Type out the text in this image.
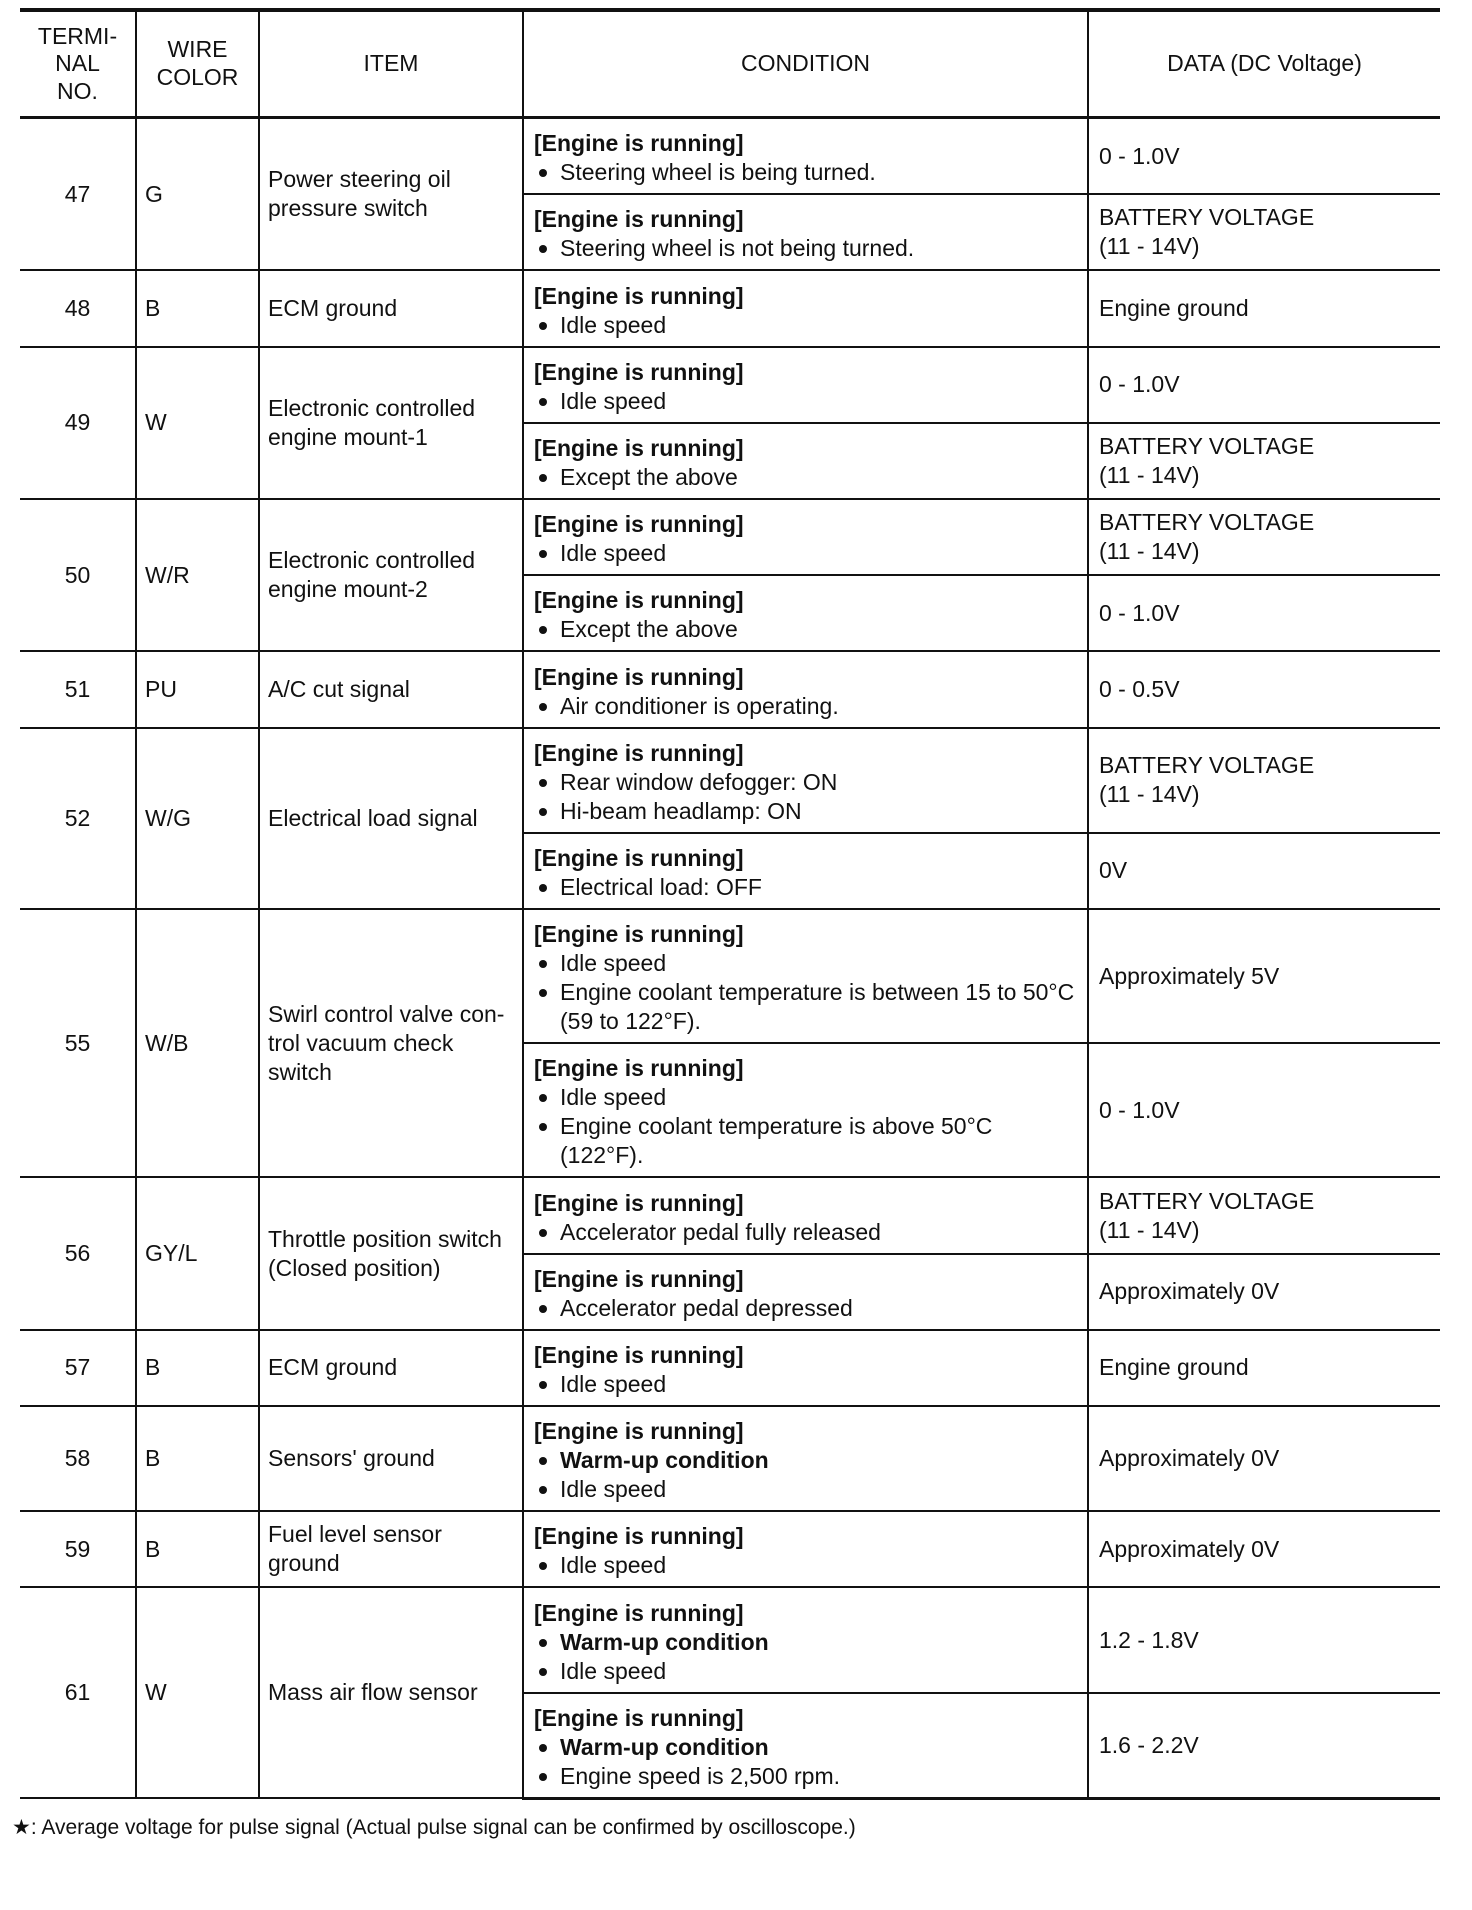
TERMI-
NAL
NO.	WIRE
COLOR	ITEM	CONDITION	DATA (DC Voltage)
47	G	Power steering oil pressure switch	[Engine is running]
Steering wheel is being turned.	0 - 1.0V

			[Engine is running]
Steering wheel is not being turned.	BATTERY VOLTAGE
(11 - 14V)
48	B	ECM ground	[Engine is running]
Idle speed	Engine ground
49	W	Electronic controlled engine mount-1	[Engine is running]
Idle speed	0 - 1.0V

			[Engine is running]
Except the above	BATTERY VOLTAGE
(11 - 14V)
50	W/R	Electronic controlled engine mount-2	[Engine is running]
Idle speed	BATTERY VOLTAGE
(11 - 14V)

			[Engine is running]
Except the above	0 - 1.0V
51	PU	A/C cut signal	[Engine is running]
Air conditioner is operating.	0 - 0.5V
52	W/G	Electrical load signal	[Engine is running]
Rear window defogger: ON
Hi-beam headlamp: ON	BATTERY VOLTAGE
(11 - 14V)

			[Engine is running]
Electrical load: OFF	0V
55	W/B	Swirl control valve con-trol vacuum check switch	[Engine is running]
Idle speed
Engine coolant temperature is between 15 to 50°C (59 to 122°F).	Approximately 5V

			[Engine is running]
Idle speed
Engine coolant temperature is above 50°C (122°F).	0 - 1.0V
56	GY/L	Throttle position switch (Closed position)	[Engine is running]
Accelerator pedal fully released	BATTERY VOLTAGE
(11 - 14V)

			[Engine is running]
Accelerator pedal depressed	Approximately 0V
57	B	ECM ground	[Engine is running]
Idle speed	Engine ground
58	B	Sensors' ground	[Engine is running]
Warm-up condition
Idle speed	Approximately 0V
59	B	Fuel level sensor ground	[Engine is running]
Idle speed	Approximately 0V
61	W	Mass air flow sensor	[Engine is running]
Warm-up condition
Idle speed	1.2 - 1.8V

			[Engine is running]
Warm-up condition
Engine speed is 2,500 rpm.	1.6 - 2.2V
★: Average voltage for pulse signal (Actual pulse signal can be confirmed by oscilloscope.)
